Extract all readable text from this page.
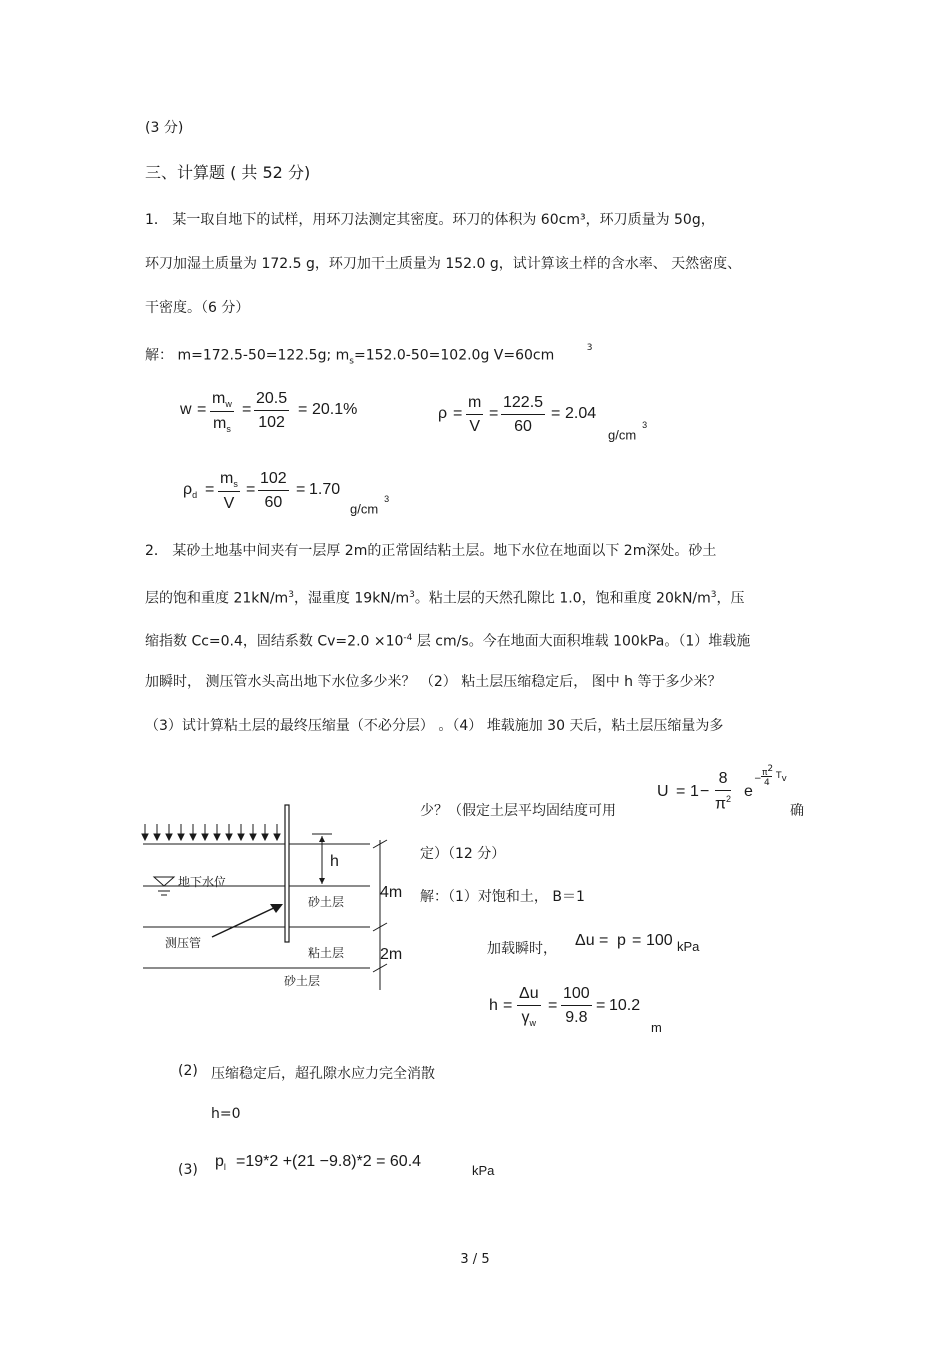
(3 分)
三、计算题 ( 共 52 分)
1． 某一取自地下的试样，用环刀法测定其密度。环刀的体积为 60cm³，环刀质量为 50g，
环刀加湿土质量为 172.5 g，环刀加干土质量为 152.0 g，试计算该土样的含水率、 天然密度、
干密度。（6 分）
解： m=172.5-50=122.5g; $m_s=152.0-50=102.0g$ V=60cm	$^3$
$w = \frac{m_w}{m_s} = \frac{20.5}{102} = 20.1\%$	$\rho = \frac{m}{V} = \frac{122.5}{60} = 2.04$
$g/cm^3$
$\rho_d = \frac{m_s}{V} = \frac{102}{60} = 1.70$
$g/cm^3$
2． 某砂土地基中间夹有一层厚 2m的正常固结粘土层。地下水位在地面以下 2m深处。砂土
层的饱和重度 $21kN/m^3$，湿重度 $19kN/m^3$。粘土层的天然孔隙比 1.0，饱和重度 $20kN/m^3$，压
缩指数 Cc=0.4，固结系数 $Cv=2.0 \times 10^{-4}$ 层 cm/s。今在地面大面积堆载 100kPa。（1）堆载施
加瞬时， 测压管水头高出地下水位多少米？ （2） 粘土层压缩稳定后， 图中 h 等于多少米？
（3）试计算粘土层的最终压缩量（不必分层） 。（4） 堆载施加 30 天后，粘土层压缩量为多
少？（假定土层平均固结度可用	确
定）（12 分）
$U = 1 - \frac{8}{\pi^2}$ e
−
$\pi^2$
4
$T_v$
h
4m
2m
地下水位
砂土层
测压管
粘土层
砂土层
解：（1）对饱和土， B＝1
加载瞬时， Δu = p = 100 kPa
$h = \frac{\Delta u}{\gamma_w} = \frac{100}{9.8} = 10.2$
m
(2) 压缩稳定后，超孔隙水应力完全消散
h=0
(3) $p_l =19*2 +(21 -9.8)*2 = 60.4$
kPa
3 / 5
